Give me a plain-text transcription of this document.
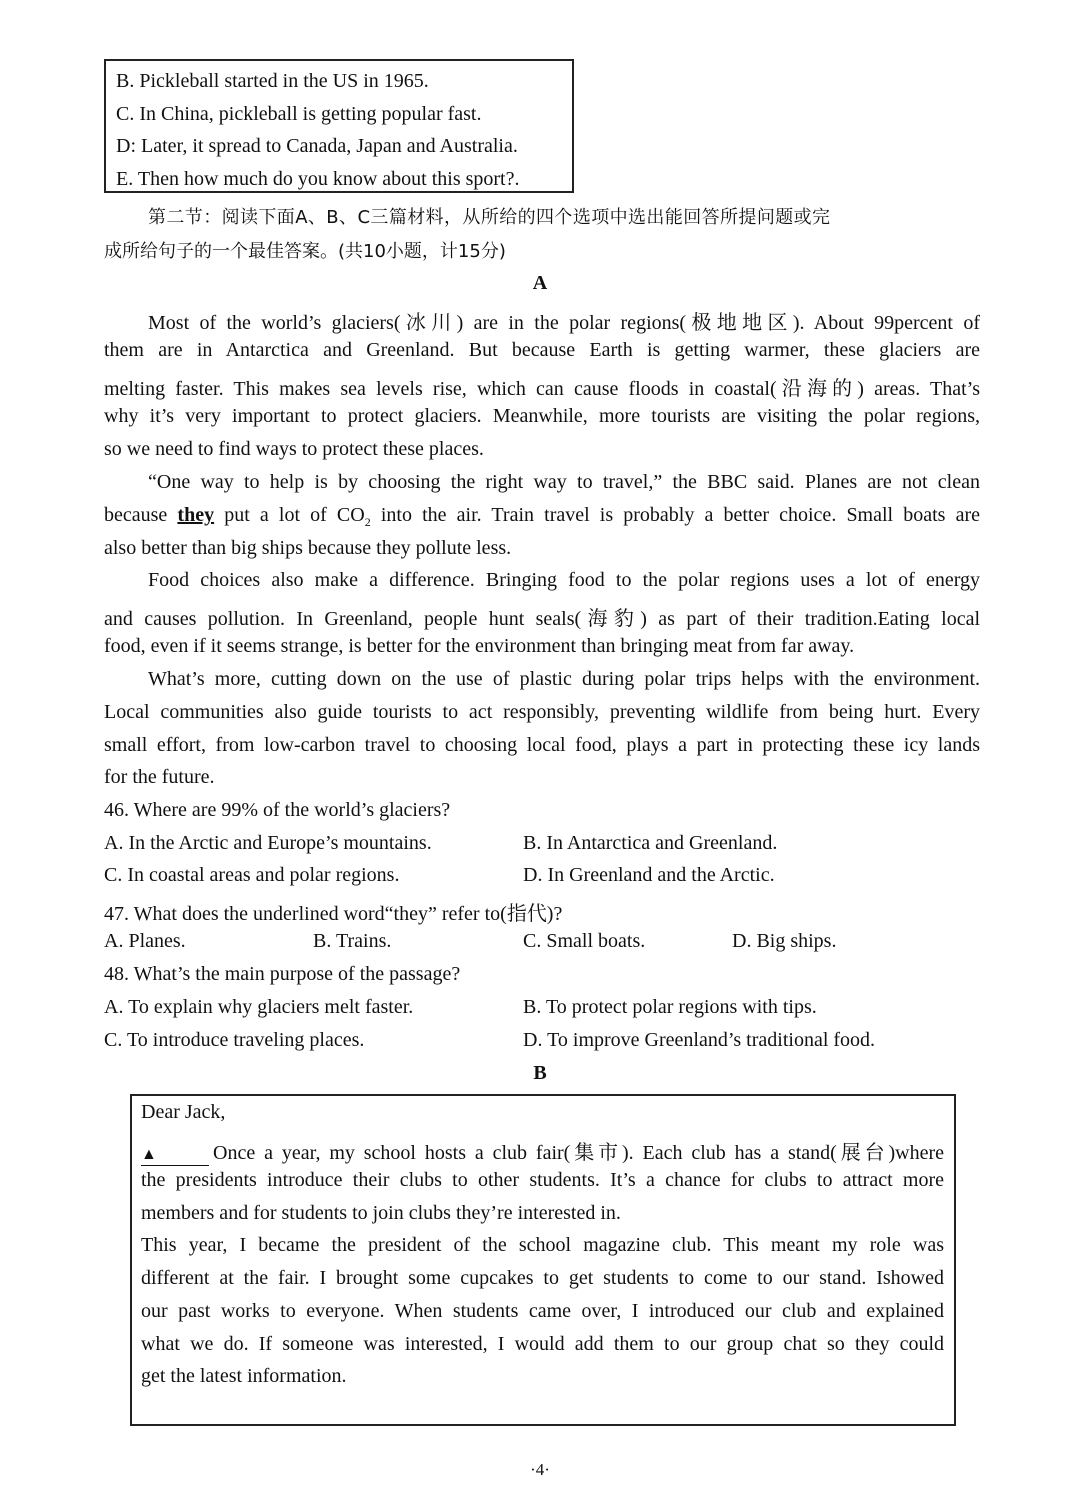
B. Pickleball started in the US in 1965.
C. In China, pickleball is getting popular fast.
D: Later, it spread to Canada, Japan and Australia.
E. Then how much do you know about this sport?.
第二节：阅读下面A、B、C三篇材料，从所给的四个选项中选出能回答所提问题或完
成所给句子的一个最佳答案。(共10小题，计15分)
A
Most of the world’s glaciers(冰川) are in the polar regions(极地地区). About 99percent of
them are in Antarctica and Greenland. But because Earth is getting warmer, these glaciers are
melting faster. This makes sea levels rise, which can cause floods in coastal(沿海的) areas. That’s
why it’s very important to protect glaciers. Meanwhile, more tourists are visiting the polar regions,
so we need to find ways to protect these places.
“One way to help is by choosing the right way to travel,” the BBC said. Planes are not clean
because they put a lot of $CO_2$ into the air. Train travel is probably a better choice. Small boats are
also better than big ships because they pollute less.
Food choices also make a difference. Bringing food to the polar regions uses a lot of energy
and causes pollution. In Greenland, people hunt seals(海豹) as part of their tradition.Eating local
food, even if it seems strange, is better for the environment than bringing meat from far away.
What’s more, cutting down on the use of plastic during polar trips helps with the environment.
Local communities also guide tourists to act responsibly, preventing wildlife from being hurt. Every
small effort, from low-carbon travel to choosing local food, plays a part in protecting these icy lands
for the future.
46. Where are 99% of the world’s glaciers?
A. In the Arctic and Europe’s mountains.	B. In Antarctica and Greenland.
C. In coastal areas and polar regions.	D. In Greenland and the Arctic.
47. What does the underlined word“they” refer to(指代)?
A. Planes.	B. Trains.	C. Small boats.	D. Big ships.
48. What’s the main purpose of the passage?
A. To explain why glaciers melt faster.	B. To protect polar regions with tips.
C. To introduce traveling places.	D. To improve Greenland’s traditional food.
B
Dear Jack,
▲	Once a year, my school hosts a club fair(集市). Each club has a stand(展台)where
the presidents introduce their clubs to other students. It’s a chance for clubs to attract more
members and for students to join clubs they’re interested in.
This year, I became the president of the school magazine club. This meant my role was
different at the fair. I brought some cupcakes to get students to come to our stand. Ishowed
our past works to everyone. When students came over, I introduced our club and explained
what we do. If someone was interested, I would add them to our group chat so they could
get the latest information.
·4·
